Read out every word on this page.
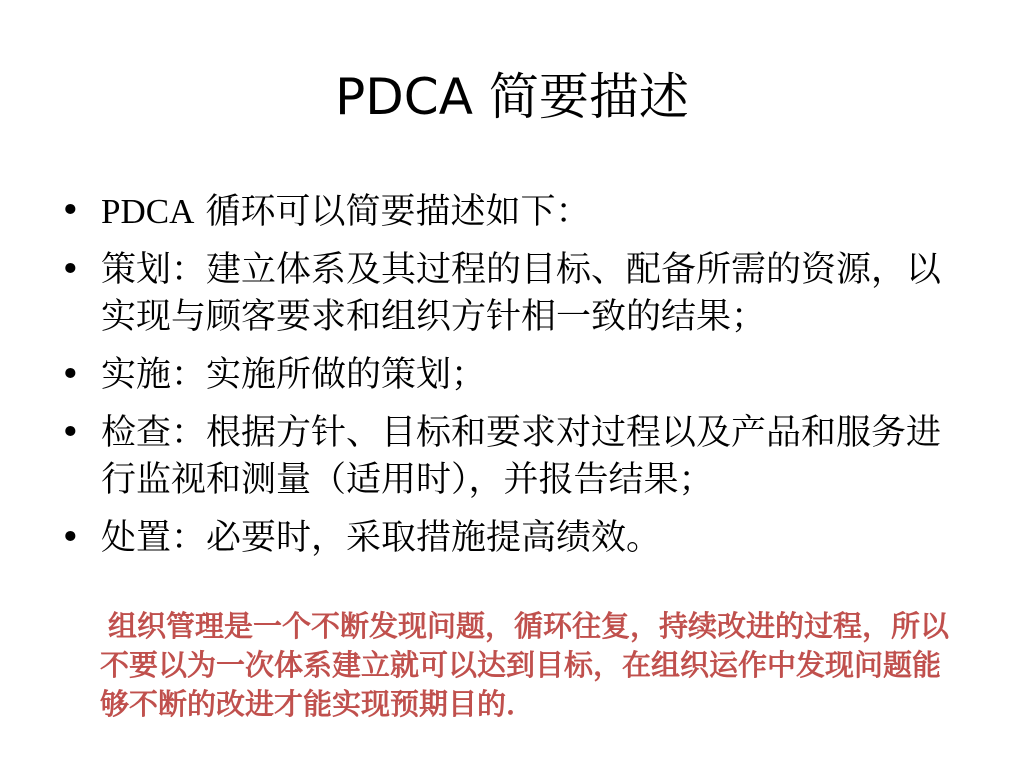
PDCA 简要描述
• PDCA 循环可以简要描述如下：
• 策划：建立体系及其过程的目标、配备所需的资源，以实现与顾客要求和组织方针相一致的结果；
• 实施：实施所做的策划；
• 检查：根据方针、目标和要求对过程以及产品和服务进行监视和测量（适用时），并报告结果；
• 处置：必要时，采取措施提高绩效。

组织管理是一个不断发现问题，循环往复，持续改进的过程，所以不要以为一次体系建立就可以达到目标，在组织运作中发现问题能够不断的改进才能实现预期目的．
